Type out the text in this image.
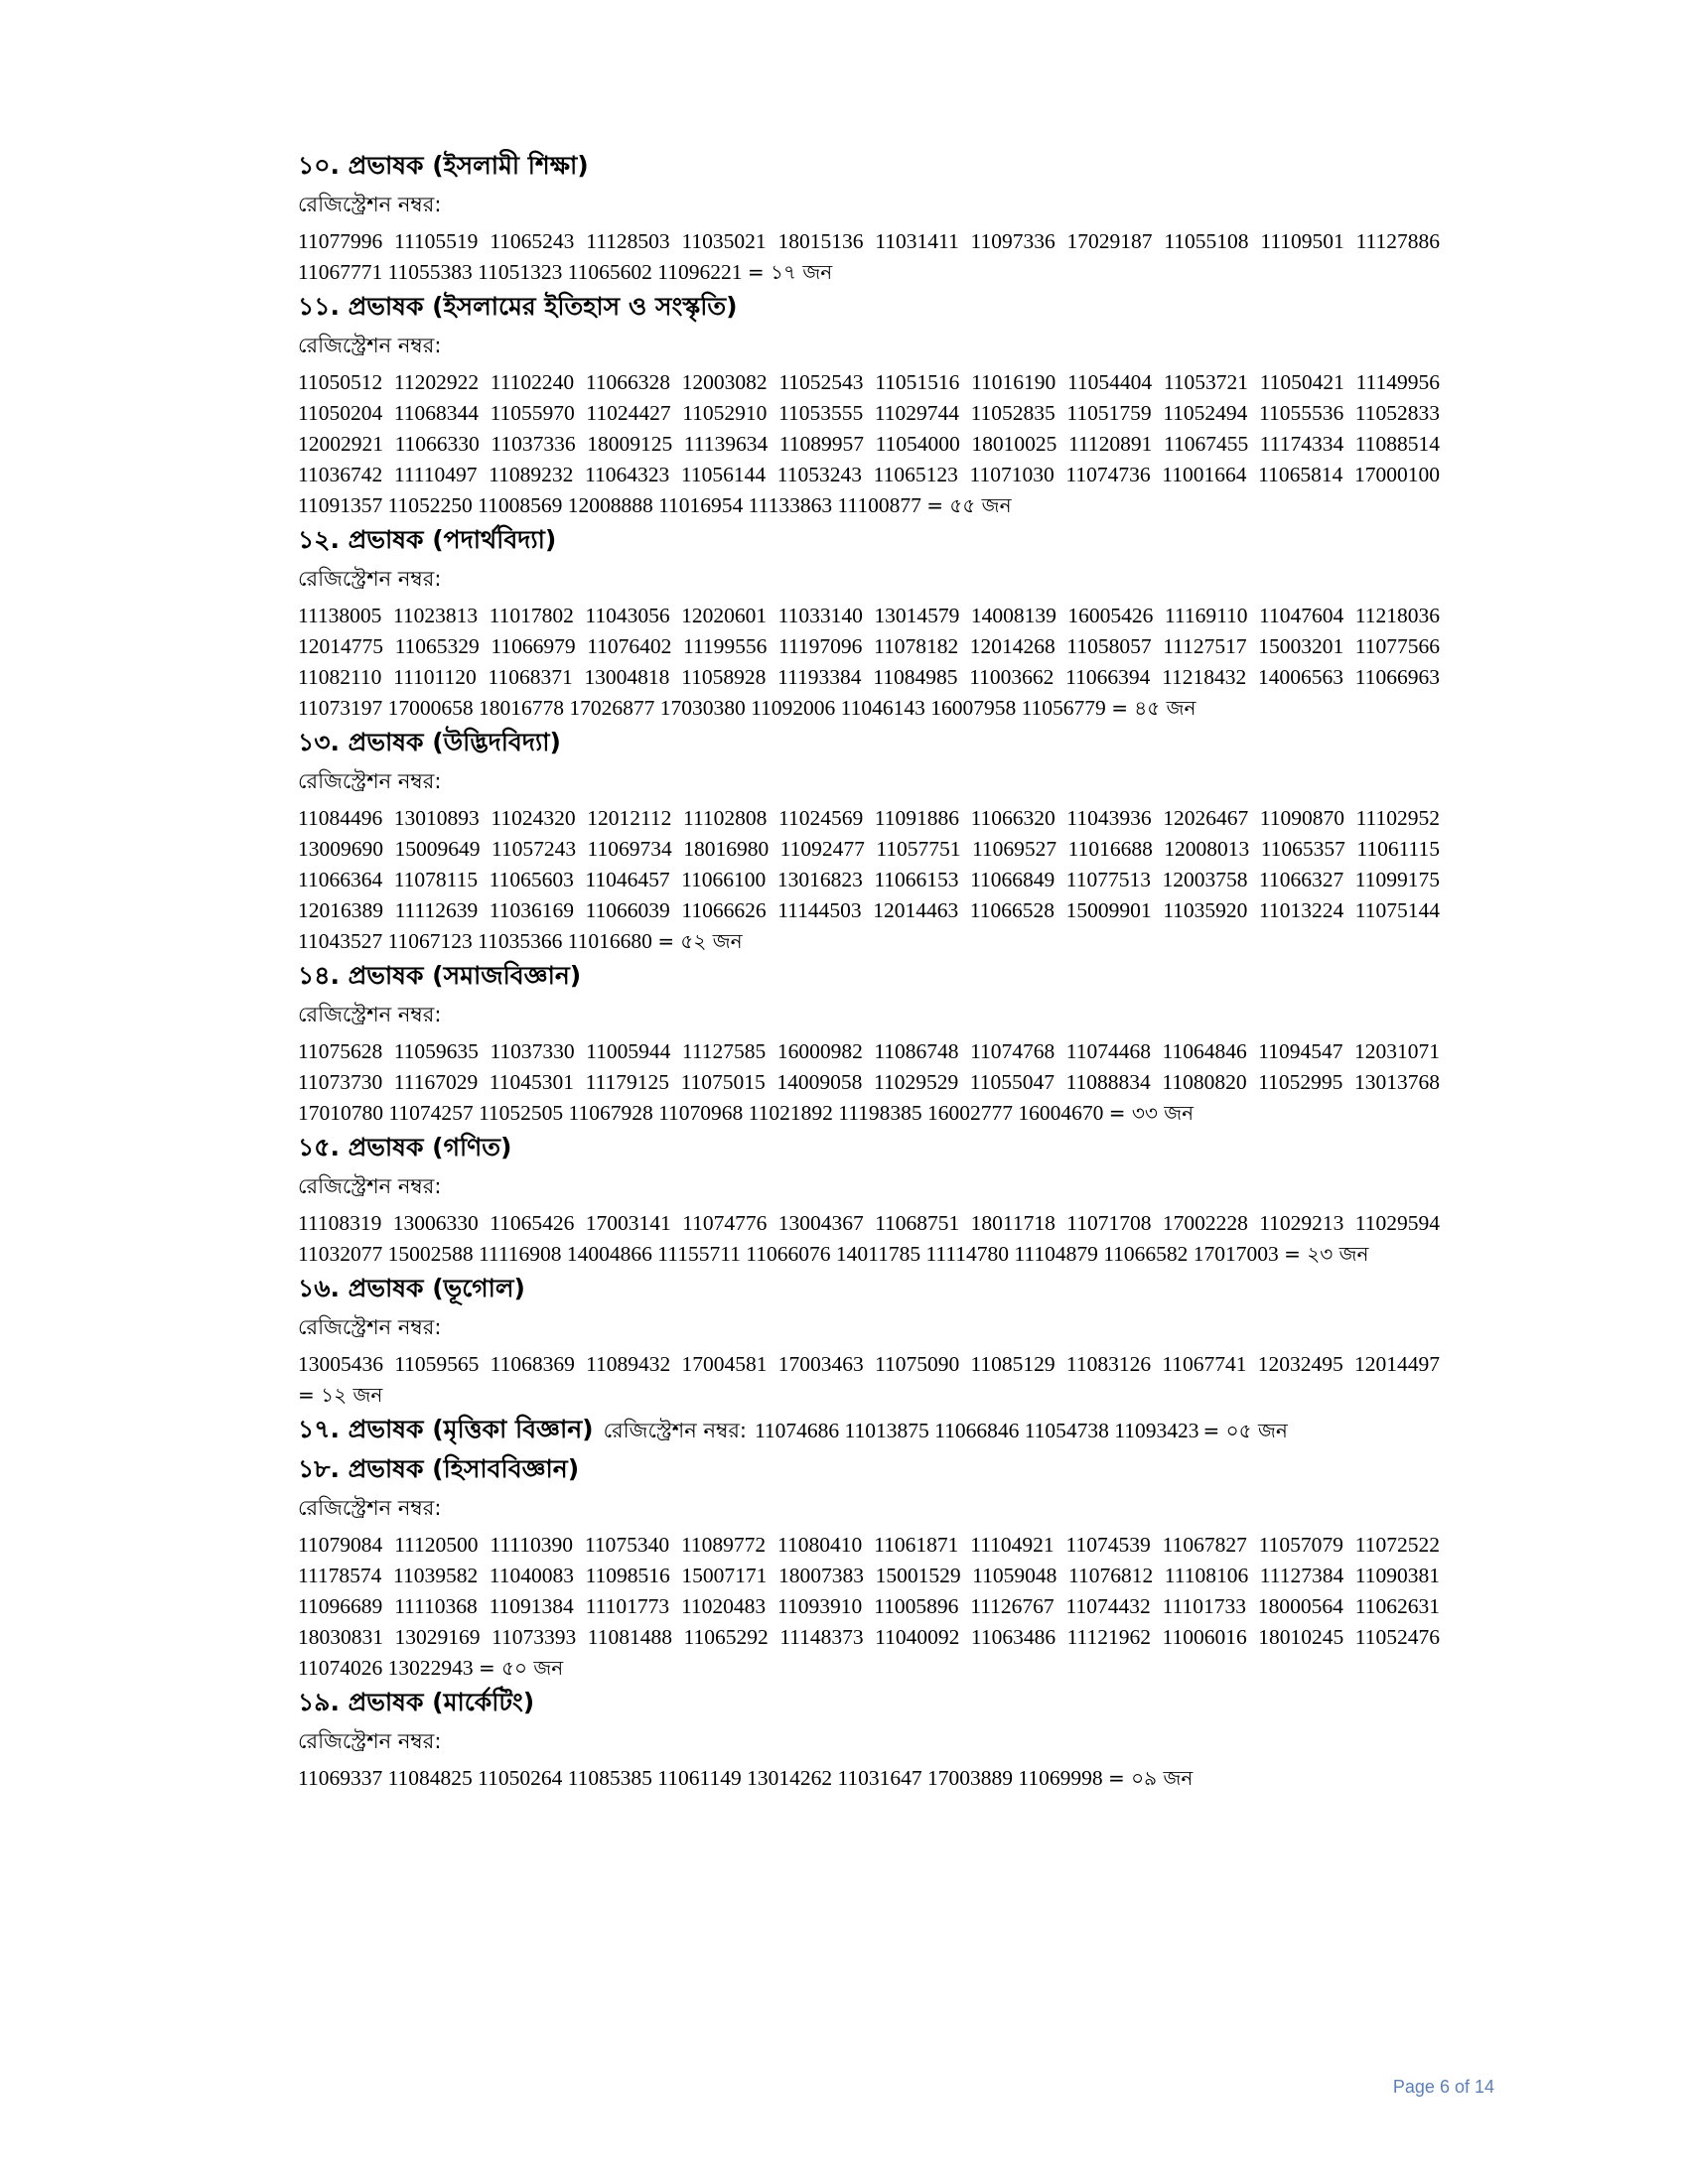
১০. প্রভাষক (ইসলামী শিক্ষা)
রেজিস্ট্রেশন নম্বর:

11077996 11105519 11065243 11128503 11035021 18015136 11031411 11097336 17029187 11055108 11109501 11127886 11067771 11055383 11051323 11065602 11096221 = ১৭ জন

১১. প্রভাষক (ইসলামের ইতিহাস ও সংস্কৃতি)
রেজিস্ট্রেশন নম্বর:

11050512 11202922 11102240 11066328 12003082 11052543 11051516 11016190 11054404 11053721 11050421 11149956 11050204 11068344 11055970 11024427 11052910 11053555 11029744 11052835 11051759 11052494 11055536 11052833 12002921 11066330 11037336 18009125 11139634 11089957 11054000 18010025 11120891 11067455 11174334 11088514 11036742 11110497 11089232 11064323 11056144 11053243 11065123 11071030 11074736 11001664 11065814 17000100 11091357 11052250 11008569 12008888 11016954 11133863 11100877 = ৫৫ জন

১২. প্রভাষক (পদার্থবিদ্যা)
রেজিস্ট্রেশন নম্বর:

11138005 11023813 11017802 11043056 12020601 11033140 13014579 14008139 16005426 11169110 11047604 11218036 12014775 11065329 11066979 11076402 11199556 11197096 11078182 12014268 11058057 11127517 15003201 11077566 11082110 11101120 11068371 13004818 11058928 11193384 11084985 11003662 11066394 11218432 14006563 11066963 11073197 17000658 18016778 17026877 17030380 11092006 11046143 16007958 11056779 = ৪৫ জন

১৩. প্রভাষক (উদ্ভিদবিদ্যা)
রেজিস্ট্রেশন নম্বর:

11084496 13010893 11024320 12012112 11102808 11024569 11091886 11066320 11043936 12026467 11090870 11102952 13009690 15009649 11057243 11069734 18016980 11092477 11057751 11069527 11016688 12008013 11065357 11061115 11066364 11078115 11065603 11046457 11066100 13016823 11066153 11066849 11077513 12003758 11066327 11099175 12016389 11112639 11036169 11066039 11066626 11144503 12014463 11066528 15009901 11035920 11013224 11075144 11043527 11067123 11035366 11016680 = ৫২ জন

১৪. প্রভাষক (সমাজবিজ্ঞান)
রেজিস্ট্রেশন নম্বর:

11075628 11059635 11037330 11005944 11127585 16000982 11086748 11074768 11074468 11064846 11094547 12031071 11073730 11167029 11045301 11179125 11075015 14009058 11029529 11055047 11088834 11080820 11052995 13013768 17010780 11074257 11052505 11067928 11070968 11021892 11198385 16002777 16004670 = ৩৩ জন

১৫. প্রভাষক (গণিত)
রেজিস্ট্রেশন নম্বর:

11108319 13006330 11065426 17003141 11074776 13004367 11068751 18011718 11071708 17002228 11029213 11029594 11032077 15002588 11116908 14004866 11155711 11066076 14011785 11114780 11104879 11066582 17017003 = ২৩ জন

১৬. প্রভাষক (ভূগোল)
রেজিস্ট্রেশন নম্বর:

13005436 11059565 11068369 11089432 17004581 17003463 11075090 11085129 11083126 11067741 12032495 12014497 = ১২ জন

১৭. প্রভাষক (মৃত্তিকা বিজ্ঞান) রেজিস্ট্রেশন নম্বর: 11074686 11013875 11066846 11054738 11093423 = ০৫ জন
১৮. প্রভাষক (হিসাববিজ্ঞান)
রেজিস্ট্রেশন নম্বর:

11079084 11120500 11110390 11075340 11089772 11080410 11061871 11104921 11074539 11067827 11057079 11072522 11178574 11039582 11040083 11098516 15007171 18007383 15001529 11059048 11076812 11108106 11127384 11090381 11096689 11110368 11091384 11101773 11020483 11093910 11005896 11126767 11074432 11101733 18000564 11062631 18030831 13029169 11073393 11081488 11065292 11148373 11040092 11063486 11121962 11006016 18010245 11052476 11074026 13022943 = ৫০ জন

১৯. প্রভাষক (মার্কেটিং)
রেজিস্ট্রেশন নম্বর:

11069337 11084825 11050264 11085385 11061149 13014262 11031647 17003889 11069998 = ০৯ জন

Page 6 of 14
